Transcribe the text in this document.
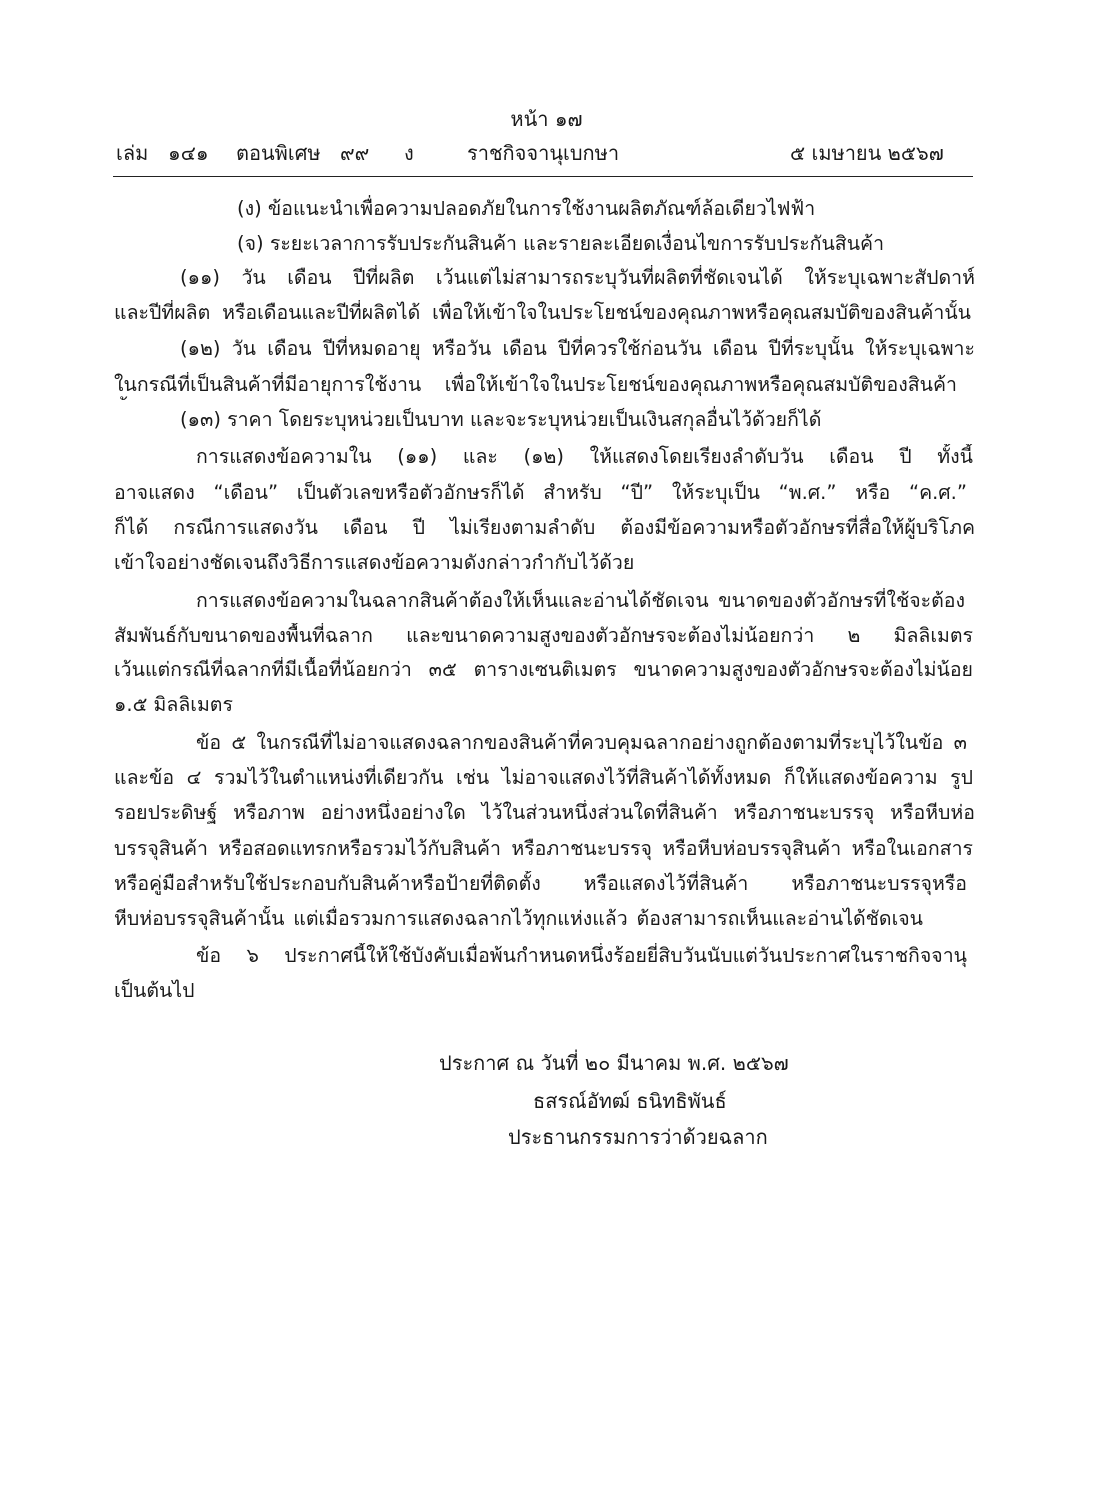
หน้า ๑๗
เล่ม ๑๔๑ ตอนพิเศษ ๙๙ ง	ราชกิจจานุเบกษา	๕ เมษายน ๒๕๖๗
(ง) ข้อแนะนำเพื่อความปลอดภัยในการใช้งานผลิตภัณฑ์ล้อเดียวไฟฟ้า
(จ) ระยะเวลาการรับประกันสินค้า และรายละเอียดเงื่อนไขการรับประกันสินค้า
(๑๑) วัน เดือน ปีที่ผลิต เว้นแต่ไม่สามารถระบุวันที่ผลิตที่ชัดเจนได้ ให้ระบุเฉพาะสัปดาห์
และปีที่ผลิต หรือเดือนและปีที่ผลิตได้ เพื่อให้เข้าใจในประโยชน์ของคุณภาพหรือคุณสมบัติของสินค้านั้น
(๑๒) วัน เดือน ปีที่หมดอายุ หรือวัน เดือน ปีที่ควรใช้ก่อนวัน เดือน ปีที่ระบุนั้น ให้ระบุเฉพาะ
ในกรณีที่เป็นสินค้าที่มีอายุการใช้งาน เพื่อให้เข้าใจในประโยชน์ของคุณภาพหรือคุณสมบัติของสินค้า
(๑๓) ราคา โดยระบุหน่วยเป็นบาท และจะระบุหน่วยเป็นเงินสกุลอื่นไว้ด้วยก็ได้
การแสดงข้อความใน (๑๑) และ (๑๒) ให้แสดงโดยเรียงลำดับวัน เดือน ปี ทั้งนี้
อาจแสดง “เดือน” เป็นตัวเลขหรือตัวอักษรก็ได้ สำหรับ “ปี” ให้ระบุเป็น “พ.ศ.” หรือ “ค.ศ.”
ก็ได้ กรณีการแสดงวัน เดือน ปี ไม่เรียงตามลำดับ ต้องมีข้อความหรือตัวอักษรที่สื่อให้ผู้บริโภค
เข้าใจอย่างชัดเจนถึงวิธีการแสดงข้อความดังกล่าวกำกับไว้ด้วย
การแสดงข้อความในฉลากสินค้าต้องให้เห็นและอ่านได้ชัดเจน ขนาดของตัวอักษรที่ใช้จะต้อง
สัมพันธ์กับขนาดของพื้นที่ฉลาก และขนาดความสูงของตัวอักษรจะต้องไม่น้อยกว่า ๒ มิลลิเมตร
เว้นแต่กรณีที่ฉลากที่มีเนื้อที่น้อยกว่า ๓๕ ตารางเซนติเมตร ขนาดความสูงของตัวอักษรจะต้องไม่น้อย
๑.๕ มิลลิเมตร
ข้อ ๕ ในกรณีที่ไม่อาจแสดงฉลากของสินค้าที่ควบคุมฉลากอย่างถูกต้องตามที่ระบุไว้ในข้อ ๓
และข้อ ๔ รวมไว้ในตำแหน่งที่เดียวกัน เช่น ไม่อาจแสดงไว้ที่สินค้าได้ทั้งหมด ก็ให้แสดงข้อความ รูป
รอยประดิษฐ์ หรือภาพ อย่างหนึ่งอย่างใด ไว้ในส่วนหนึ่งส่วนใดที่สินค้า หรือภาชนะบรรจุ หรือหีบห่อ
บรรจุสินค้า หรือสอดแทรกหรือรวมไว้กับสินค้า หรือภาชนะบรรจุ หรือหีบห่อบรรจุสินค้า หรือในเอกสาร
หรือคู่มือสำหรับใช้ประกอบกับสินค้าหรือป้ายที่ติดตั้ง หรือแสดงไว้ที่สินค้า หรือภาชนะบรรจุหรือ
หีบห่อบรรจุสินค้านั้น แต่เมื่อรวมการแสดงฉลากไว้ทุกแห่งแล้ว ต้องสามารถเห็นและอ่านได้ชัดเจน
ข้อ ๖ ประกาศนี้ให้ใช้บังคับเมื่อพ้นกำหนดหนึ่งร้อยยี่สิบวันนับแต่วันประกาศในราชกิจจานุ
เป็นต้นไป
ประกาศ ณ วันที่ ๒๐ มีนาคม พ.ศ. ๒๕๖๗
ธสรณ์อัทฒ์ ธนิทธิพันธ์
ประธานกรรมการว่าด้วยฉลาก
